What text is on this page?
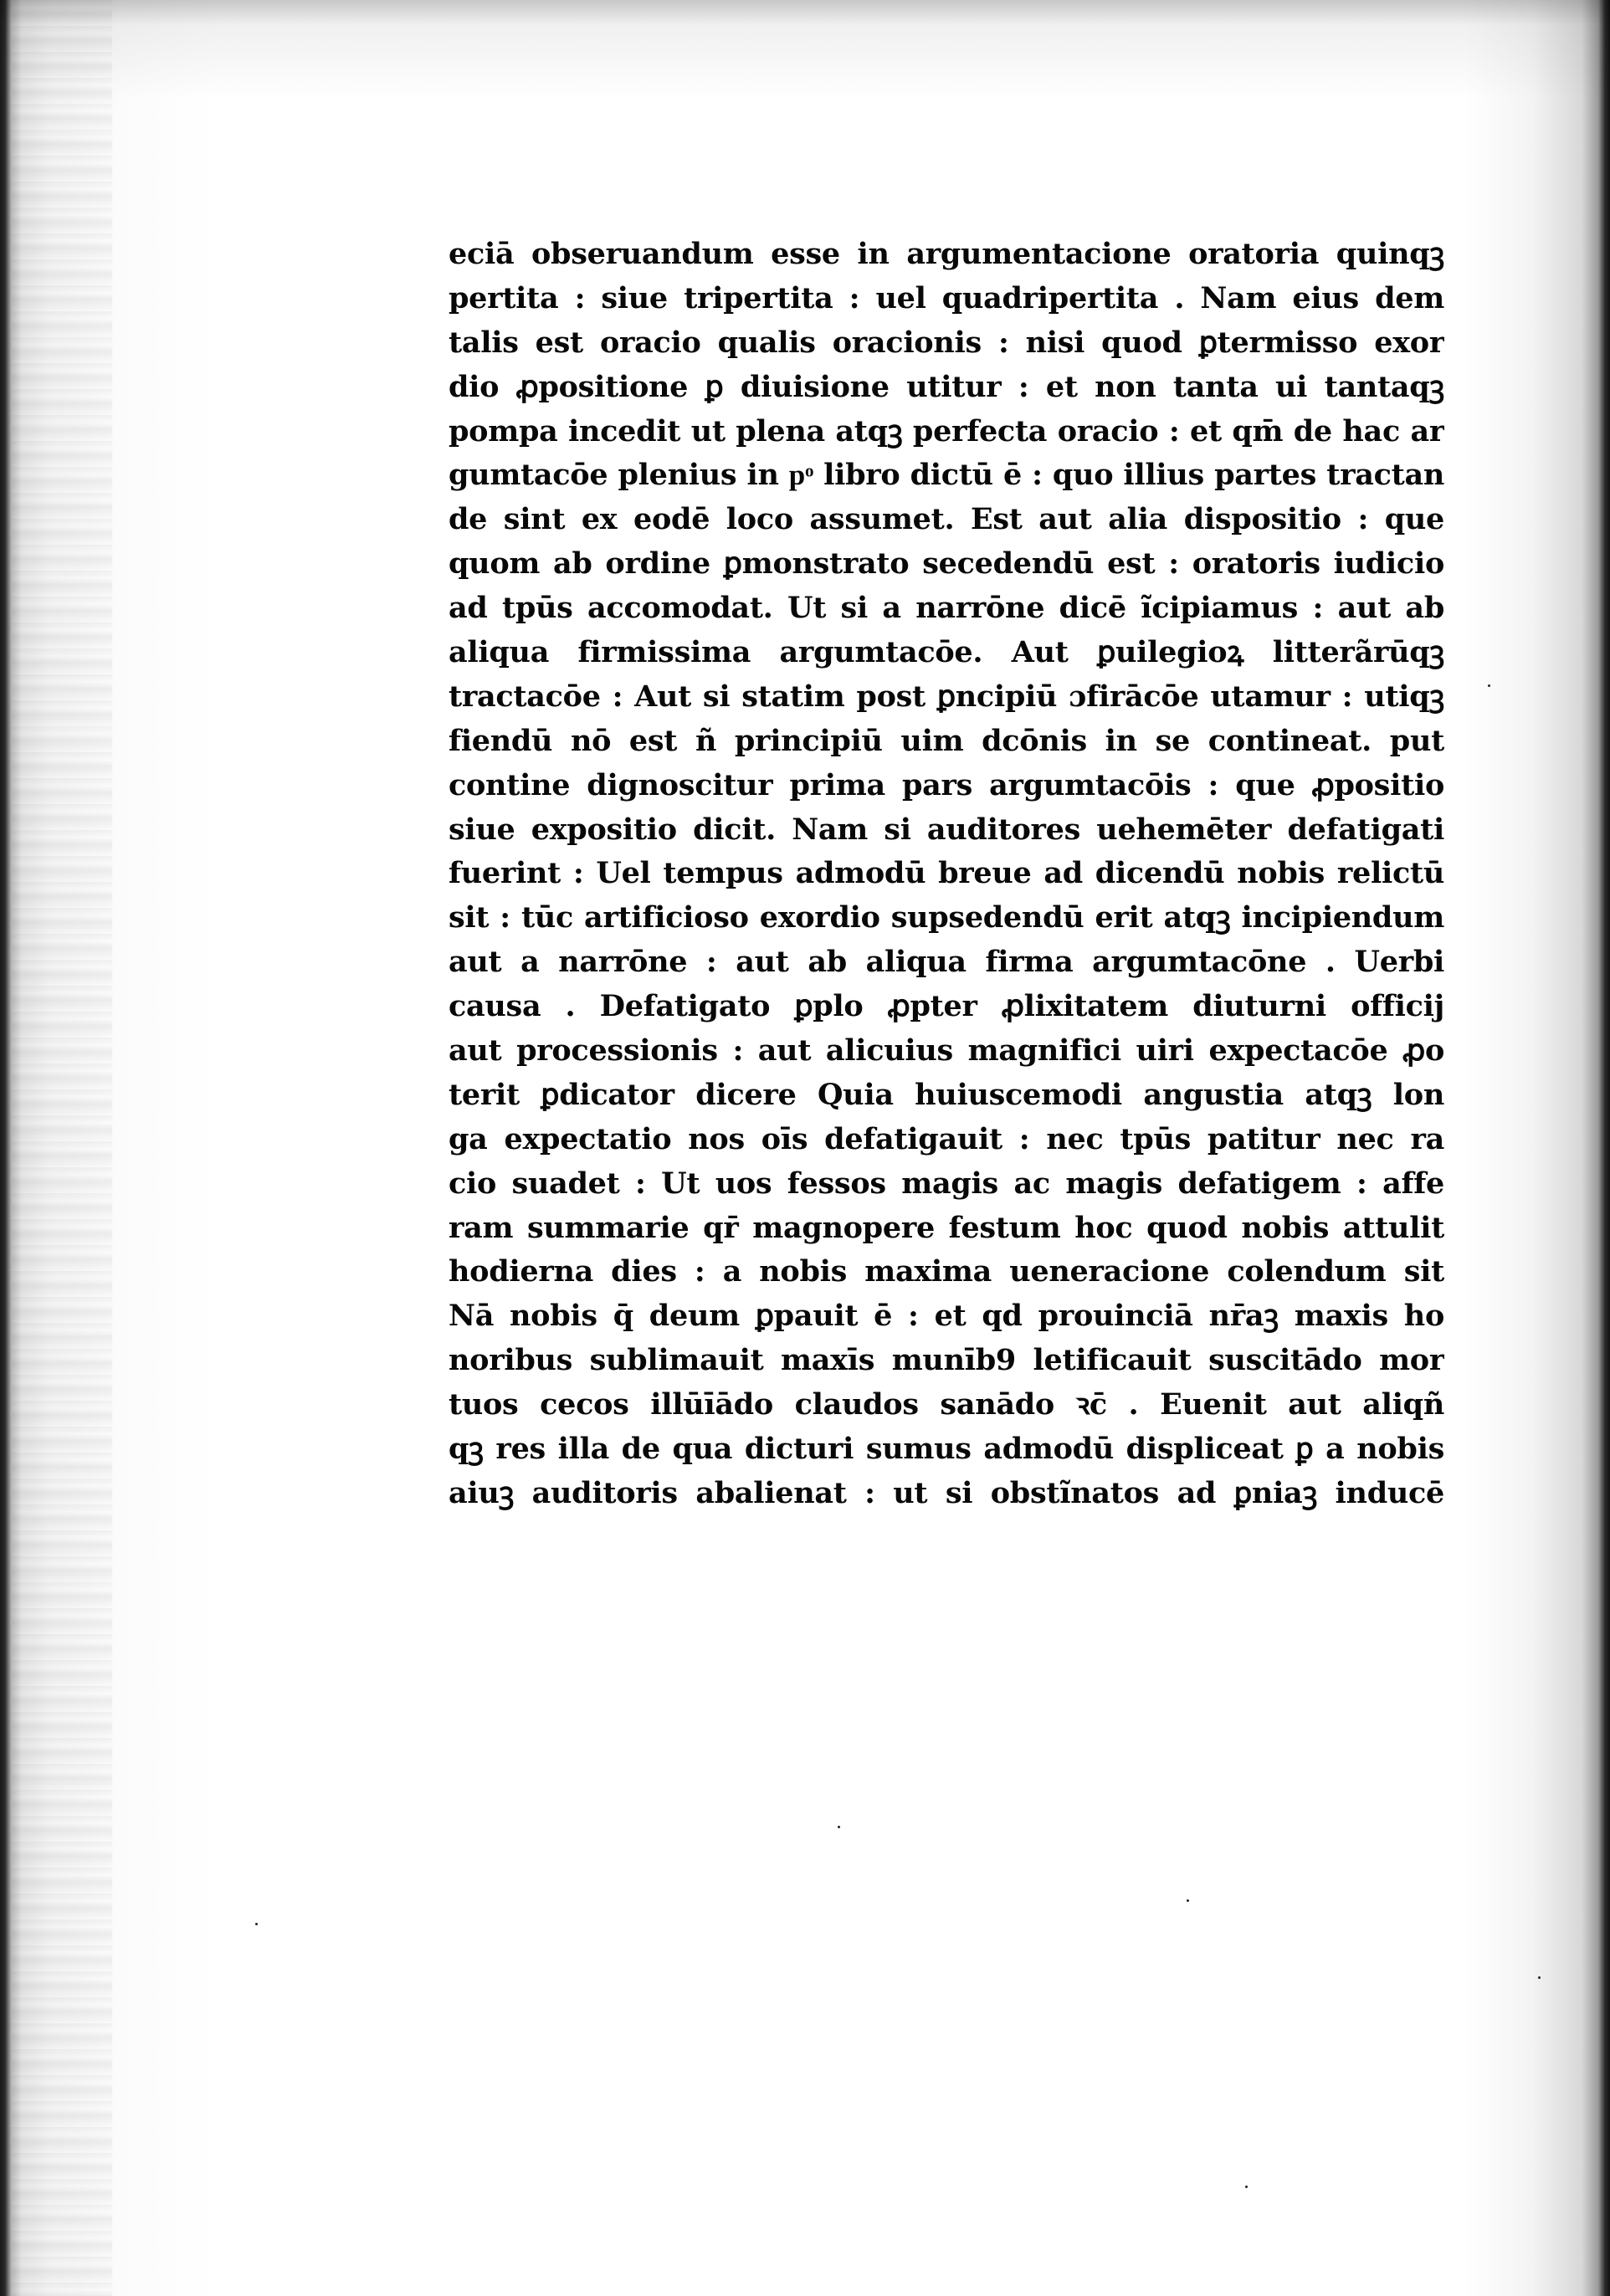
eciā obseruandum esse in argumentacione oratoria quinqꝫ
pertita : siue tripertita : uel quadripertita . Nam eius dem
talis est oracio qualis oracionis : nisi quod ꝑtermisso exor
dio ꝓpositione ꝑ diuisione utitur : et non tanta ui tantaqꝫ
pompa incedit ut plena atqꝫ perfecta oracio : et qm̄ de hac ar
gumtacōe plenius in pͦ libro dictū ē : quo illius partes tractan
de sint ex eodē loco assumet. Est aut alia dispositio : que
quom ab ordine ꝑmonstrato secedendū est : oratoris iudicio
ad tpūs accomodat. Ut si a narrōne dicē ĩcipiamus : aut ab
aliqua firmissima argumtacōe. Aut ꝑuilegioꝝ litterãrūqꝫ
tractacōe : Aut si statim post ꝑncipiū ɔfirācōe utamur : utiqꝫ
fiendū nō est ñ principiū uim dcōnis in se contineat. put
contine dignoscitur prima pars argumtacōis : que ꝓpositio
siue expositio dicit. Nam si auditores uehemēter defatigati
fuerint : Uel tempus admodū breue ad dicendū nobis relictū
sit : tūc artificioso exordio supsedendū erit atqꝫ incipiendum
aut a narrōne : aut ab aliqua firma argumtacōne . Uerbi
causa . Defatigato ꝑplo ꝓpter ꝓlixitatem diuturni officij
aut processionis : aut alicuius magnifici uiri expectacōe ꝓo
terit ꝑdicator dicere Quia huiuscemodi angustia atqꝫ lon
ga expectatio nos oīs defatigauit : nec tpūs patitur nec ra
cio suadet : Ut uos fessos magis ac magis defatigem : affe
ram summarie qr̄ magnopere festum hoc quod nobis attulit
hodierna dies : a nobis maxima ueneracione colendum sit
Nā nobis q̄ deum ꝑpauit ē : et qd prouinciā nr̄aꝫ maxis ho
noribus sublimauit maxīs munīb9 letificauit suscitādo mor
tuos cecos illūīādo claudos sanādo ꝛc̄ . Euenit aut aliqñ
qꝫ res illa de qua dicturi sumus admodū displiceat ꝑ a nobis
aiuꝫ auditoris abalienat : ut si obstĩnatos ad ꝑniaꝫ inducē
